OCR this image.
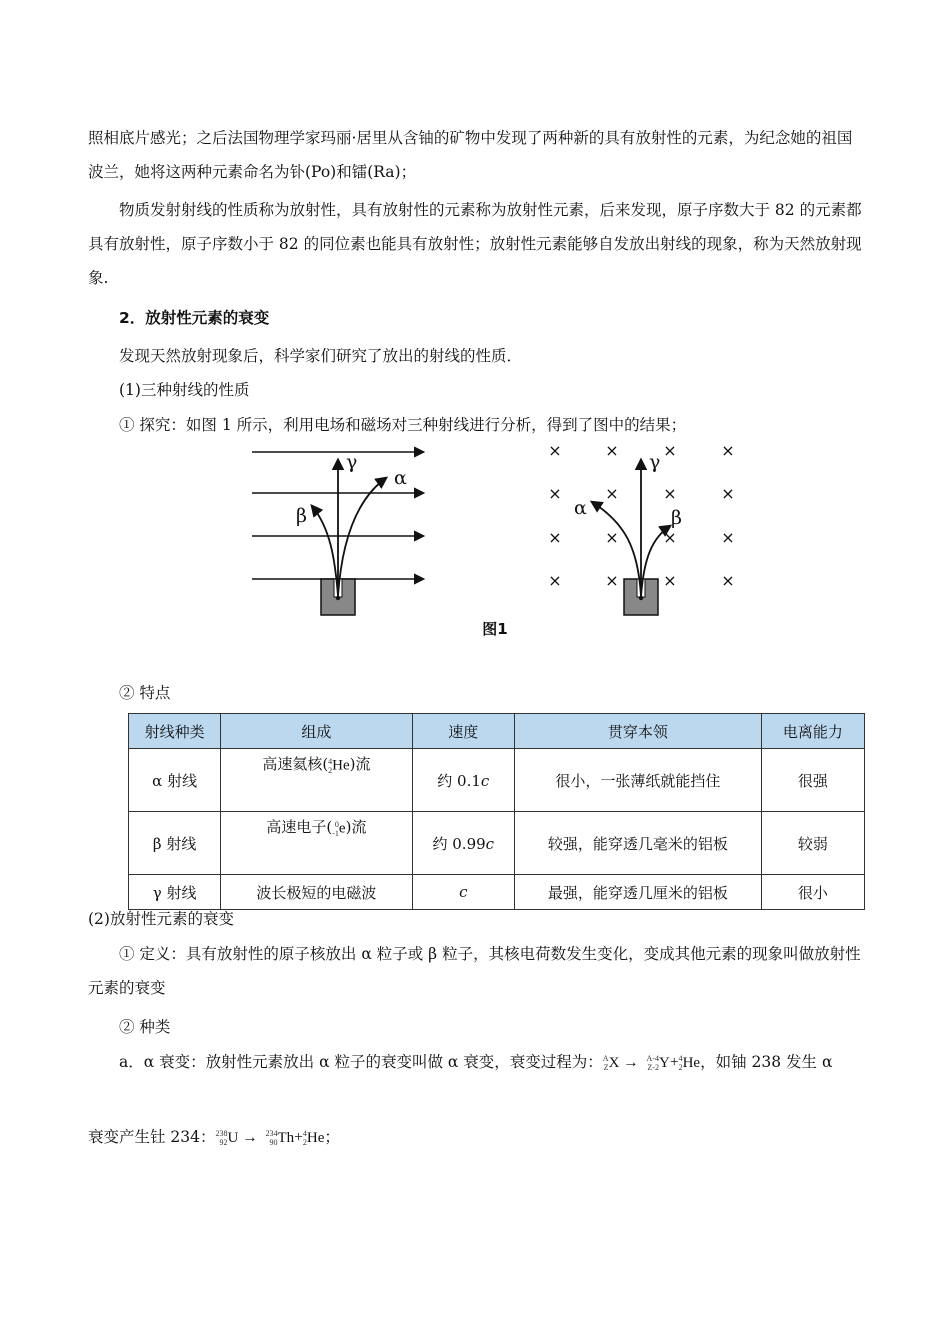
照相底片感光；之后法国物理学家玛丽·居里从含铀的矿物中发现了两种新的具有放射性的元素，为纪念她的祖国波兰，她将这两种元素命名为钋(Po)和镭(Ra)；

物质发射射线的性质称为放射性，具有放射性的元素称为放射性元素，后来发现，原子序数大于 82 的元素都具有放射性，原子序数小于 82 的同位素也能具有放射性；放射性元素能够自发放出射线的现象，称为天然放射现象.

2．放射性元素的衰变
发现天然放射现象后，科学家们研究了放出的射线的性质．
(1)三种射线的性质
① 探究：如图 1 所示，利用电场和磁场对三种射线进行分析，得到了图中的结果；
γ
α
β
×	×	×	×
×	×	×	×
×	×	×	×
×	×	×	×
γ
α	β
图1
② 特点
射线种类	组成	速度	贯穿本领	电离能力
α 射线	高速氦核(4
2He)流	约 0.1c	很小，一张薄纸就能挡住	很强
β 射线	高速电子( 0
-1e)流	约 0.99c	较强，能穿透几毫米的铝板	较弱
γ 射线	波长极短的电磁波	c	最强，能穿透几厘米的铝板	很小
(2)放射性元素的衰变

① 定义：具有放射性的原子核放出 α 粒子或 β 粒子，其核电荷数发生变化，变成其他元素的现象叫做放射性元素的衰变

② 种类
a．α 衰变：放射性元素放出 α 粒子的衰变叫做 α 衰变，衰变过程为：A
ZX → A-4
Z-2Y+4
2He，如铀 238 发生 α
衰变产生钍 234：238
92U → 234
90Th+4
2He；
